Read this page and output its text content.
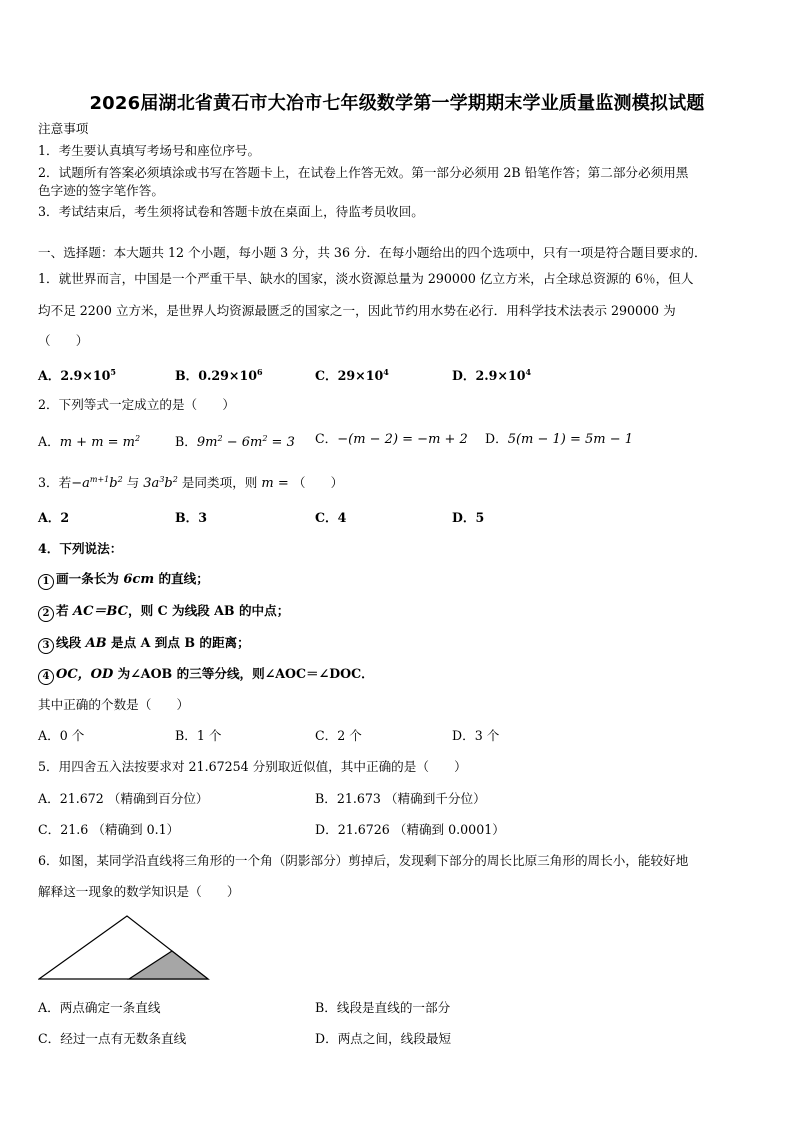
2026届湖北省黄石市大冶市七年级数学第一学期期末学业质量监测模拟试题
注意事项
1．考生要认真填写考场号和座位序号。
2．试题所有答案必须填涂或书写在答题卡上，在试卷上作答无效。第一部分必须用 2B 铅笔作答；第二部分必须用黑
色字迹的签字笔作答。
3．考试结束后，考生须将试卷和答题卡放在桌面上，待监考员收回。
一、选择题：本大题共 12 个小题，每小题 3 分，共 36 分．在每小题给出的四个选项中，只有一项是符合题目要求的．
1．就世界而言，中国是一个严重干旱、缺水的国家，淡水资源总量为 290000 亿立方米，占全球总资源的 6％，但人
均不足 2200 立方米，是世界人均资源最匮乏的国家之一，因此节约用水势在必行．用科学技术法表示 290000 为
（　　）
A．$2.9\times 10^5$	B．$0.29\times 10^6$	C．$29\times 10^4$	D．$2.9\times 10^4$
2．下列等式一定成立的是（　　）
A．$m + m = m^2$	B．$9m^2 - 6m^2 = 3$ C．−(m − 2) = −m + 2 D．5(m − 1) = 5m − 1
3．若$-a^{m+1}b^2$ 与 $3a^3b^2$ 是同类项，则 m = （　　）
A．2	B．3	C．4	D．5
4．下列说法：
1 画一条长为 6cm 的直线；
2 若 AC＝BC，则 C 为线段 AB 的中点；
3 线段 AB 是点 A 到点 B 的距离；
4 OC，OD 为∠AOB 的三等分线，则∠AOC＝∠DOC．
其中正确的个数是（　　）
A．0 个	B．1 个	C．2 个	D．3 个
5．用四舍五入法按要求对 21.67254 分别取近似值，其中正确的是（　　）
A．21.672 （精确到百分位）	B．21.673 （精确到千分位）
C．21.6 （精确到 0.1）	D．21.6726 （精确到 0.0001）
6．如图，某同学沿直线将三角形的一个角（阴影部分）剪掉后，发现剩下部分的周长比原三角形的周长小，能较好地
解释这一现象的数学知识是（　　）
A．两点确定一条直线	B．线段是直线的一部分
C．经过一点有无数条直线	D．两点之间，线段最短
